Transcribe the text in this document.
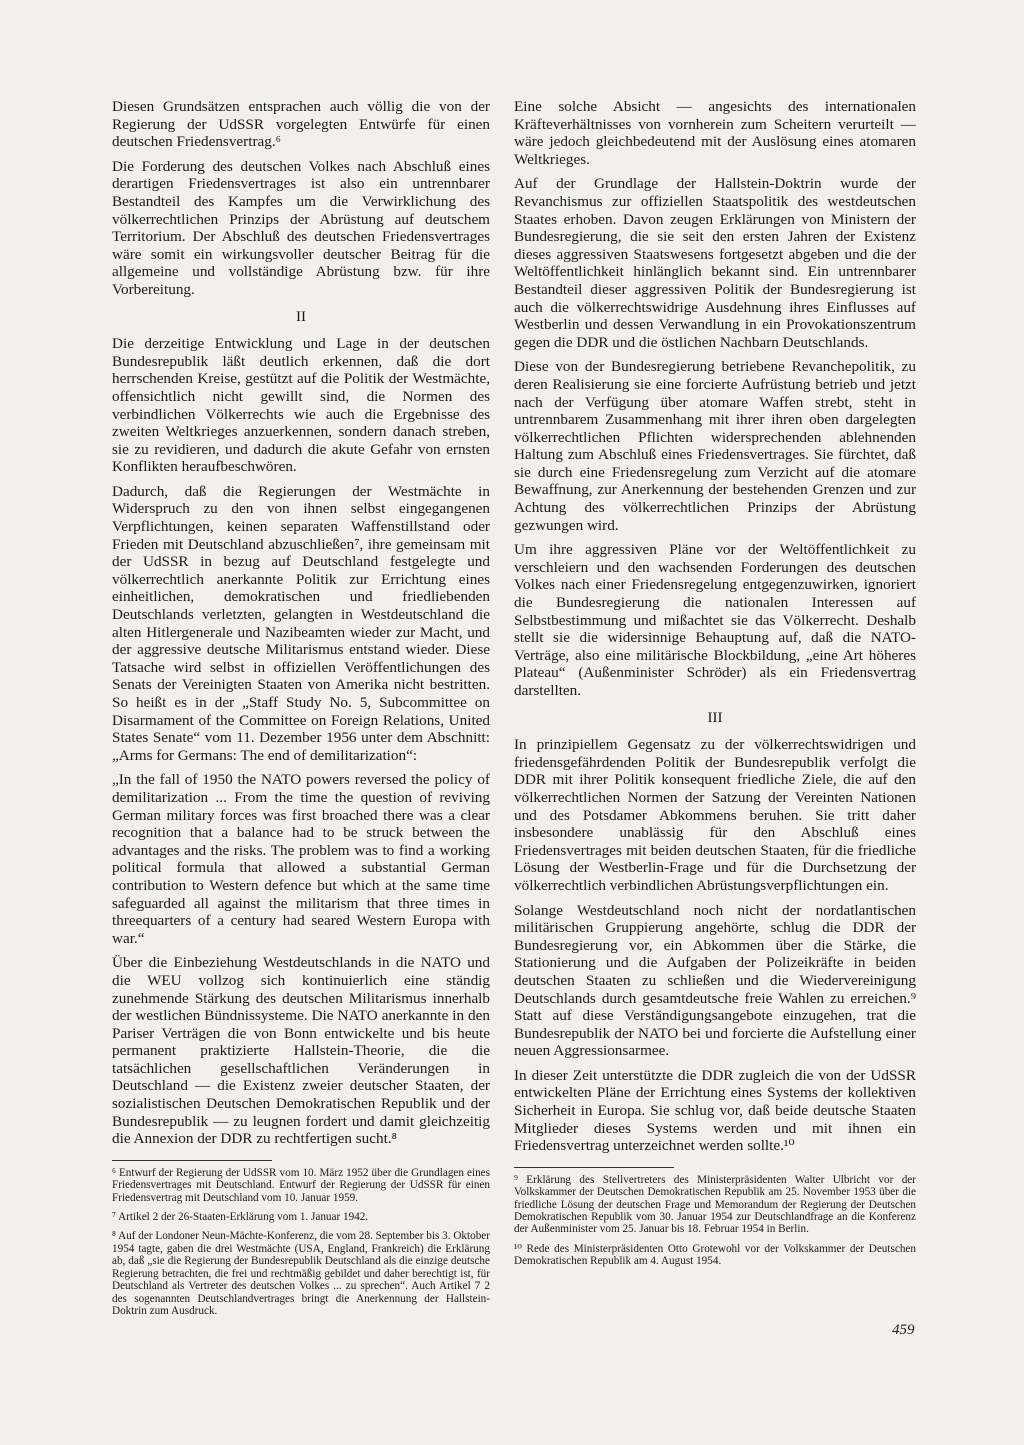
Diesen Grundsätzen entsprachen auch völlig die von der Regierung der UdSSR vorgelegten Entwürfe für einen deutschen Friedensvertrag.⁶

Die Forderung des deutschen Volkes nach Abschluß eines derartigen Friedensvertrages ist also ein untrennbarer Bestandteil des Kampfes um die Verwirklichung des völkerrechtlichen Prinzips der Abrüstung auf deutschem Territorium. Der Abschluß des deutschen Friedensvertrages wäre somit ein wirkungsvoller deutscher Beitrag für die allgemeine und vollständige Abrüstung bzw. für ihre Vorbereitung.

II

Die derzeitige Entwicklung und Lage in der deutschen Bundesrepublik läßt deutlich erkennen, daß die dort herrschenden Kreise, gestützt auf die Politik der Westmächte, offensichtlich nicht gewillt sind, die Normen des verbindlichen Völkerrechts wie auch die Ergebnisse des zweiten Weltkrieges anzuerkennen, sondern danach streben, sie zu revidieren, und dadurch die akute Gefahr von ernsten Konflikten heraufbeschwören.

Dadurch, daß die Regierungen der Westmächte in Widerspruch zu den von ihnen selbst eingegangenen Verpflichtungen, keinen separaten Waffenstillstand oder Frieden mit Deutschland abzuschließen⁷, ihre gemeinsam mit der UdSSR in bezug auf Deutschland festgelegte und völkerrechtlich anerkannte Politik zur Errichtung eines einheitlichen, demokratischen und friedliebenden Deutschlands verletzten, gelangten in Westdeutschland die alten Hitlergenerale und Nazibeamten wieder zur Macht, und der aggressive deutsche Militarismus entstand wieder. Diese Tatsache wird selbst in offiziellen Veröffentlichungen des Senats der Vereinigten Staaten von Amerika nicht bestritten. So heißt es in der „Staff Study No. 5, Subcommittee on Disarmament of the Committee on Foreign Relations, United States Senate“ vom 11. Dezember 1956 unter dem Abschnitt: „Arms for Germans: The end of demilitarization“:

„In the fall of 1950 the NATO powers reversed the policy of demilitarization ... From the time the question of reviving German military forces was first broached there was a clear recognition that a balance had to be struck between the advantages and the risks. The problem was to find a working political formula that allowed a substantial German contribution to Western defence but which at the same time safeguarded all against the militarism that three times in threequarters of a century had seared Western Europa with war.“

Über die Einbeziehung Westdeutschlands in die NATO und die WEU vollzog sich kontinuierlich eine ständig zunehmende Stärkung des deutschen Militarismus innerhalb der westlichen Bündnissysteme. Die NATO anerkannte in den Pariser Verträgen die von Bonn entwickelte und bis heute permanent praktizierte Hallstein-Theorie, die die tatsächlichen gesellschaftlichen Veränderungen in Deutschland — die Existenz zweier deutscher Staaten, der sozialistischen Deutschen Demokratischen Republik und der Bundesrepublik — zu leugnen fordert und damit gleichzeitig die Annexion der DDR zu rechtfertigen sucht.⁸

⁶ Entwurf der Regierung der UdSSR vom 10. März 1952 über die Grundlagen eines Friedensvertrages mit Deutschland. Entwurf der Regierung der UdSSR für einen Friedensvertrag mit Deutschland vom 10. Januar 1959.

⁷ Artikel 2 der 26-Staaten-Erklärung vom 1. Januar 1942.

⁸ Auf der Londoner Neun-Mächte-Konferenz, die vom 28. September bis 3. Oktober 1954 tagte, gaben die drei Westmächte (USA, England, Frankreich) die Erklärung ab, daß „sie die Regierung der Bundesrepublik Deutschland als die einzige deutsche Regierung betrachten, die frei und rechtmäßig gebildet und daher berechtigt ist, für Deutschland als Vertreter des deutschen Volkes ... zu sprechen“. Auch Artikel 7 2 des sogenannten Deutschlandvertrages bringt die Anerkennung der Hallstein-Doktrin zum Ausdruck.

Eine solche Absicht — angesichts des internationalen Kräfteverhältnisses von vornherein zum Scheitern verurteilt — wäre jedoch gleichbedeutend mit der Auslösung eines atomaren Weltkrieges.

Auf der Grundlage der Hallstein-Doktrin wurde der Revanchismus zur offiziellen Staatspolitik des westdeutschen Staates erhoben. Davon zeugen Erklärungen von Ministern der Bundesregierung, die sie seit den ersten Jahren der Existenz dieses aggressiven Staatswesens fortgesetzt abgeben und die der Weltöffentlichkeit hinlänglich bekannt sind. Ein untrennbarer Bestandteil dieser aggressiven Politik der Bundesregierung ist auch die völkerrechtswidrige Ausdehnung ihres Einflusses auf Westberlin und dessen Verwandlung in ein Provokationszentrum gegen die DDR und die östlichen Nachbarn Deutschlands.

Diese von der Bundesregierung betriebene Revanchepolitik, zu deren Realisierung sie eine forcierte Aufrüstung betrieb und jetzt nach der Verfügung über atomare Waffen strebt, steht in untrennbarem Zusammenhang mit ihrer ihren oben dargelegten völkerrechtlichen Pflichten widersprechenden ablehnenden Haltung zum Abschluß eines Friedensvertrages. Sie fürchtet, daß sie durch eine Friedensregelung zum Verzicht auf die atomare Bewaffnung, zur Anerkennung der bestehenden Grenzen und zur Achtung des völkerrechtlichen Prinzips der Abrüstung gezwungen wird.

Um ihre aggressiven Pläne vor der Weltöffentlichkeit zu verschleiern und den wachsenden Forderungen des deutschen Volkes nach einer Friedensregelung entgegenzuwirken, ignoriert die Bundesregierung die nationalen Interessen auf Selbstbestimmung und mißachtet sie das Völkerrecht. Deshalb stellt sie die widersinnige Behauptung auf, daß die NATO-Verträge, also eine militärische Blockbildung, „eine Art höheres Plateau“ (Außenminister Schröder) als ein Friedensvertrag darstellten.

III

In prinzipiellem Gegensatz zu der völkerrechtswidrigen und friedensgefährdenden Politik der Bundesrepublik verfolgt die DDR mit ihrer Politik konsequent friedliche Ziele, die auf den völkerrechtlichen Normen der Satzung der Vereinten Nationen und des Potsdamer Abkommens beruhen. Sie tritt daher insbesondere unablässig für den Abschluß eines Friedensvertrages mit beiden deutschen Staaten, für die friedliche Lösung der Westberlin-Frage und für die Durchsetzung der völkerrechtlich verbindlichen Abrüstungsverpflichtungen ein.

Solange Westdeutschland noch nicht der nordatlantischen militärischen Gruppierung angehörte, schlug die DDR der Bundesregierung vor, ein Abkommen über die Stärke, die Stationierung und die Aufgaben der Polizeikräfte in beiden deutschen Staaten zu schließen und die Wiedervereinigung Deutschlands durch gesamtdeutsche freie Wahlen zu erreichen.⁹ Statt auf diese Verständigungsangebote einzugehen, trat die Bundesrepublik der NATO bei und forcierte die Aufstellung einer neuen Aggressionsarmee.

In dieser Zeit unterstützte die DDR zugleich die von der UdSSR entwickelten Pläne der Errichtung eines Systems der kollektiven Sicherheit in Europa. Sie schlug vor, daß beide deutsche Staaten Mitglieder dieses Systems werden und mit ihnen ein Friedensvertrag unterzeichnet werden sollte.¹⁰

⁹ Erklärung des Stellvertreters des Ministerpräsidenten Walter Ulbricht vor der Volkskammer der Deutschen Demokratischen Republik am 25. November 1953 über die friedliche Lösung der deutschen Frage und Memorandum der Regierung der Deutschen Demokratischen Republik vom 30. Januar 1954 zur Deutschlandfrage an die Konferenz der Außenminister vom 25. Januar bis 18. Februar 1954 in Berlin.

¹⁰ Rede des Ministerpräsidenten Otto Grotewohl vor der Volkskammer der Deutschen Demokratischen Republik am 4. August 1954.

459
